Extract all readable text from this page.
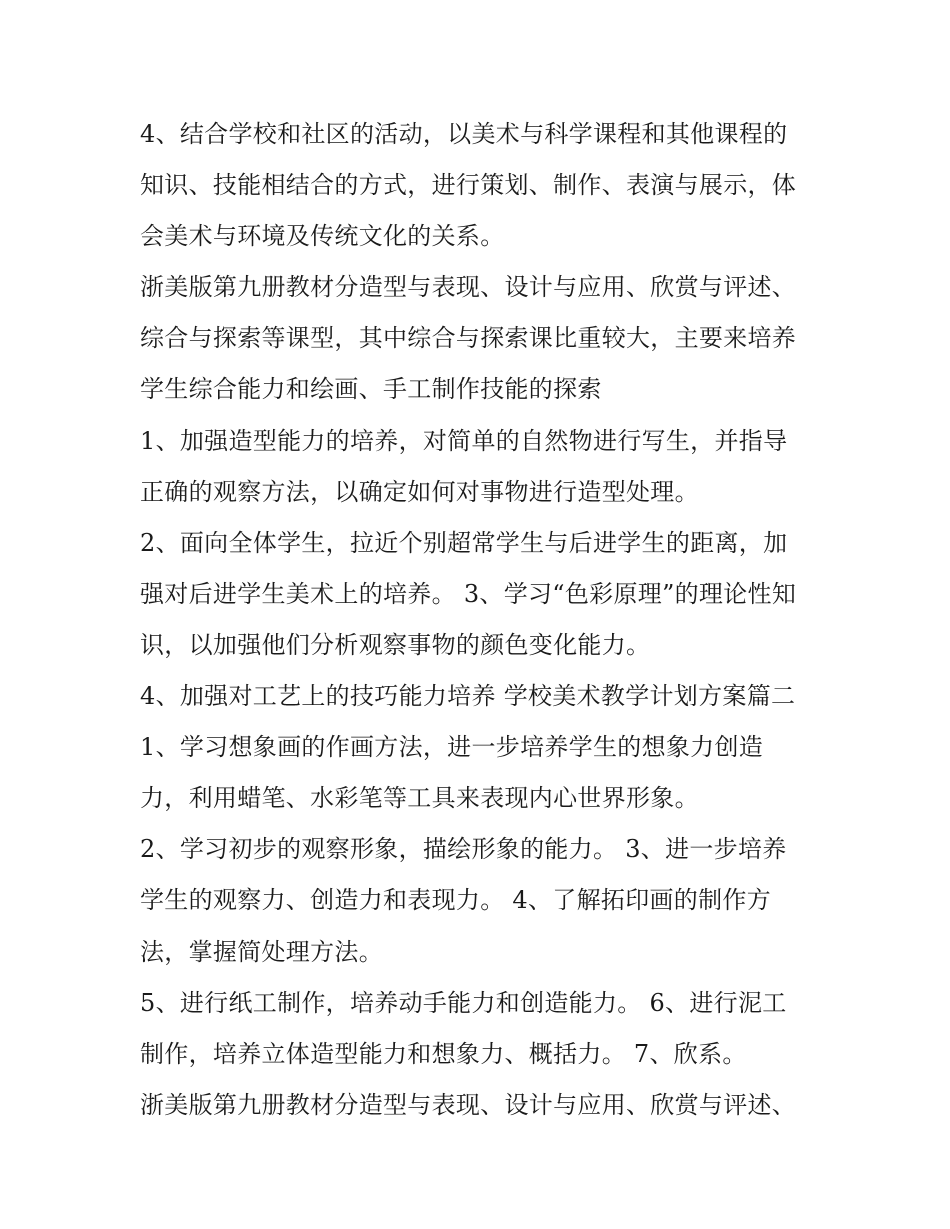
4、结合学校和社区的活动，以美术与科学课程和其他课程的
知识、技能相结合的方式，进行策划、制作、表演与展示，体
会美术与环境及传统文化的关系。
浙美版第九册教材分造型与表现、设计与应用、欣赏与评述、
综合与探索等课型，其中综合与探索课比重较大，主要来培养
学生综合能力和绘画、手工制作技能的探索
1、加强造型能力的培养，对简单的自然物进行写生，并指导
正确的观察方法，以确定如何对事物进行造型处理。
2、面向全体学生，拉近个别超常学生与后进学生的距离，加
强对后进学生美术上的培养。 3、学习“色彩原理”的理论性知
识，以加强他们分析观察事物的颜色变化能力。
4、加强对工艺上的技巧能力培养 学校美术教学计划方案篇二
1、学习想象画的作画方法，进一步培养学生的想象力创造
力，利用蜡笔、水彩笔等工具来表现内心世界形象。
2、学习初步的观察形象，描绘形象的能力。 3、进一步培养
学生的观察力、创造力和表现力。 4、了解拓印画的制作方
法，掌握简处理方法。
5、进行纸工制作，培养动手能力和创造能力。 6、进行泥工
制作，培养立体造型能力和想象力、概括力。 7、欣系。
浙美版第九册教材分造型与表现、设计与应用、欣赏与评述、
